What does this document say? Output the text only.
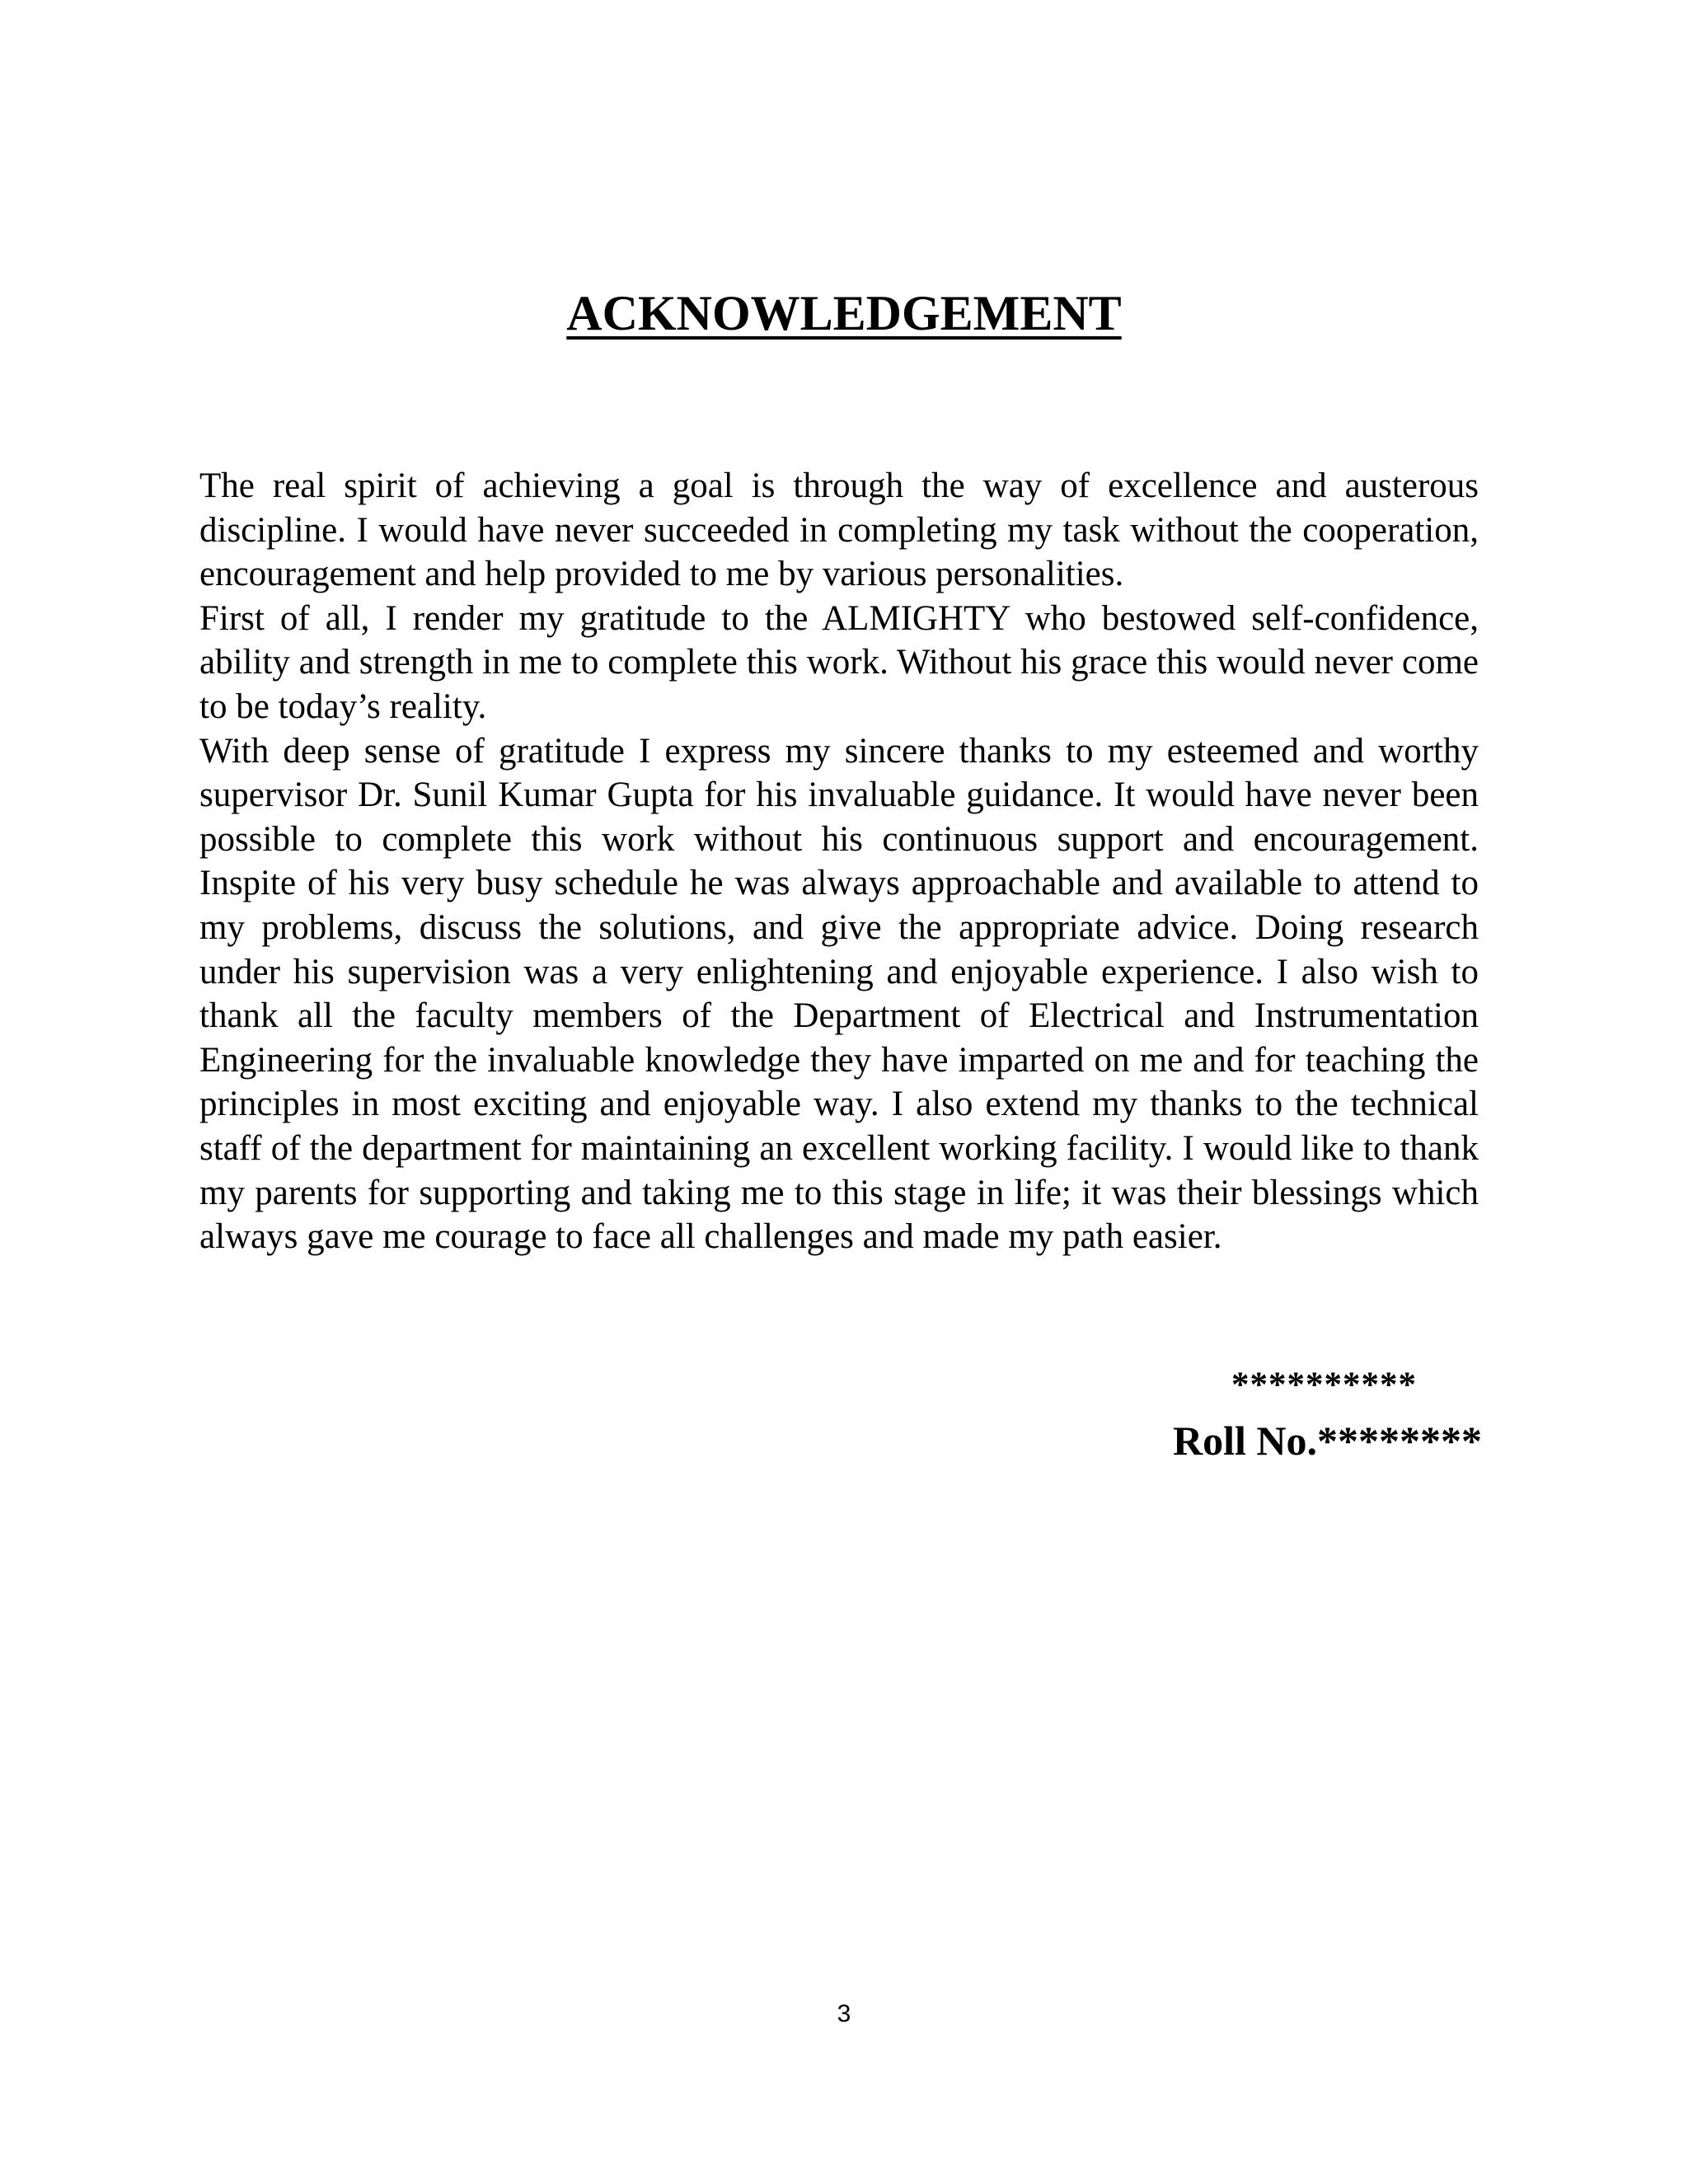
ACKNOWLEDGEMENT

The real spirit of achieving a goal is through the way of excellence and austerous discipline. I would have never succeeded in completing my task without the cooperation, encouragement and help provided to me by various personalities.

First of all, I render my gratitude to the ALMIGHTY who bestowed self-confidence, ability and strength in me to complete this work. Without his grace this would never come to be today’s reality.

With deep sense of gratitude I express my sincere thanks to my esteemed and worthy supervisor Dr. Sunil Kumar Gupta for his invaluable guidance. It would have never been possible to complete this work without his continuous support and encouragement. Inspite of his very busy schedule he was always approachable and available to attend to my problems, discuss the solutions, and give the appropriate advice. Doing research under his supervision was a very enlightening and enjoyable experience. I also wish to thank all the faculty members of the Department of Electrical and Instrumentation Engineering for the invaluable knowledge they have imparted on me and for teaching the principles in most exciting and enjoyable way. I also extend my thanks to the technical staff of the department for maintaining an excellent working facility. I would like to thank my parents for supporting and taking me to this stage in life; it was their blessings which always gave me courage to face all challenges and made my path easier.

**********
Roll No.********
3
